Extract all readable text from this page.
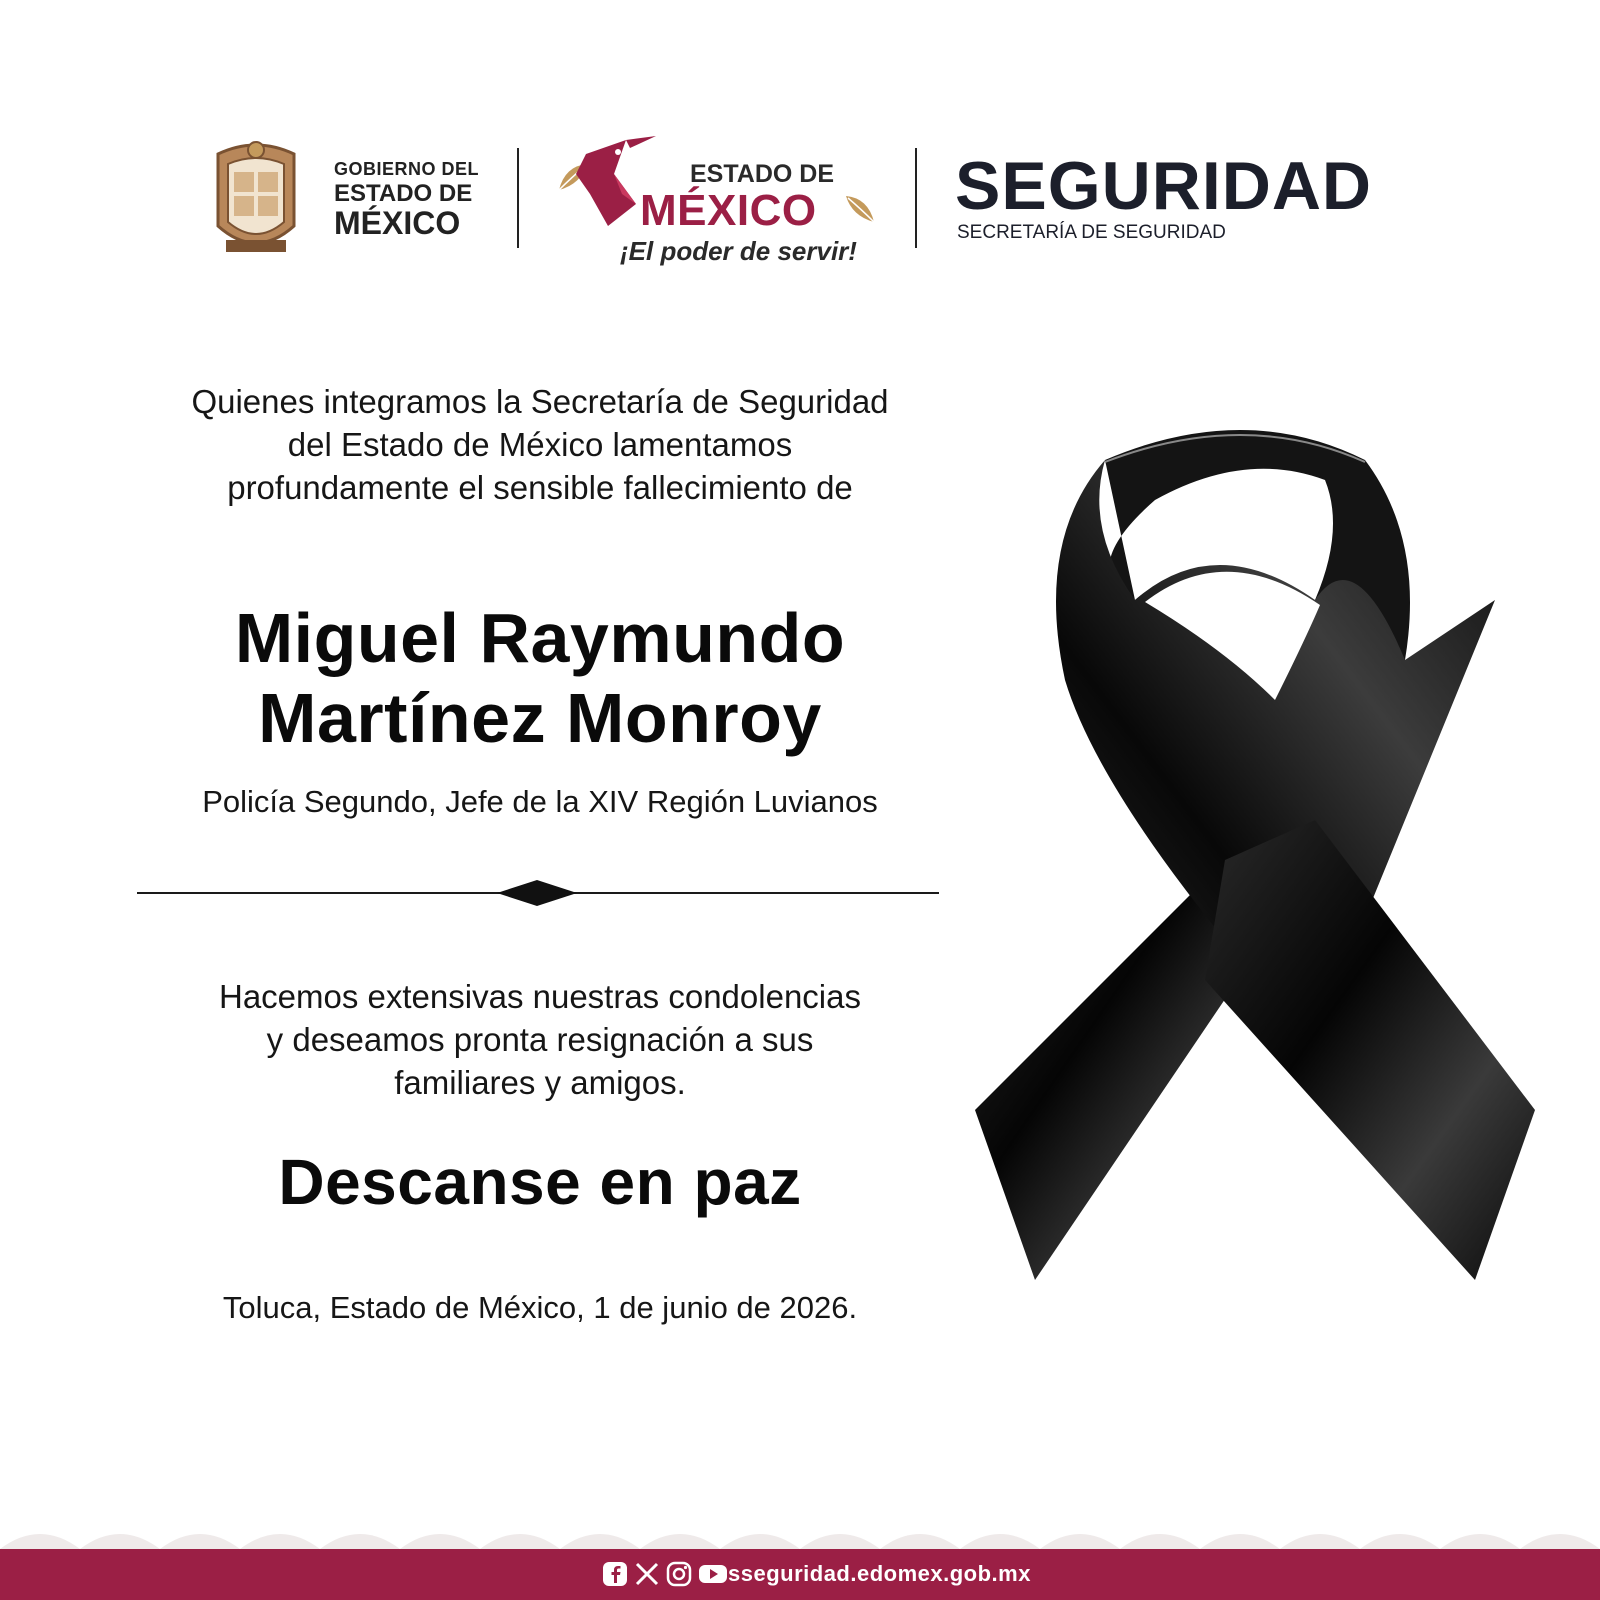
GOBIERNO DEL
ESTADO DE
MÉXICO
ESTADO DE
MÉXICO
¡El poder de servir!
SEGURIDAD
SECRETARÍA DE SEGURIDAD
Quienes integramos la Secretaría de Seguridad
del Estado de México lamentamos
profundamente el sensible fallecimiento de
Miguel Raymundo
Martínez Monroy
Policía Segundo, Jefe de la XIV Región Luvianos
Hacemos extensivas nuestras condolencias
y deseamos pronta resignación a sus
familiares y amigos.
Descanse en paz
Toluca, Estado de México, 1 de junio de 2026.
sseguridad.edomex.gob.mx
